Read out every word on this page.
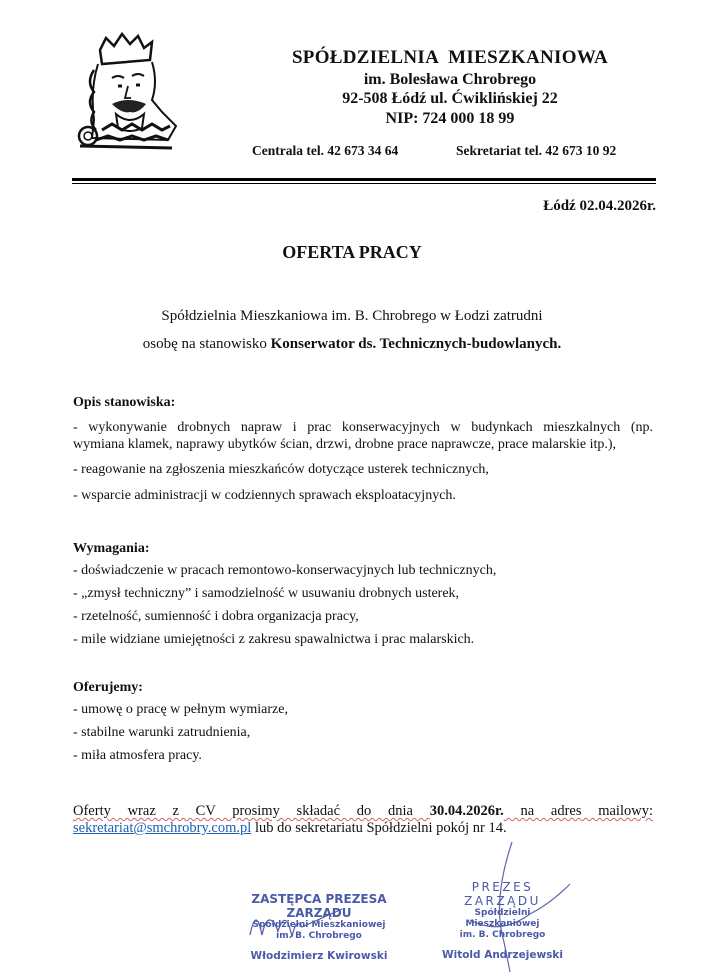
SPÓŁDZIELNIA  MIESZKANIOWA
im. Bolesława Chrobrego
92-508 Łódź ul. Ćwiklińskiej 22
NIP: 724 000 18 99
Centrala tel. 42 673 34 64	Sekretariat tel. 42 673 10 92
Łódź 02.04.2026r.
OFERTA PRACY
Spółdzielnia Mieszkaniowa im. B. Chrobrego w Łodzi zatrudni
osobę na stanowisko Konserwator ds. Technicznych-budowlanych.
Opis stanowiska:

- wykonywanie drobnych napraw i prac konserwacyjnych w budynkach mieszkalnych (np.

wymiana klamek, naprawy ubytków ścian, drzwi, drobne prace naprawcze, prace malarskie itp.),

- reagowanie na zgłoszenia mieszkańców dotyczące usterek technicznych,

- wsparcie administracji w codziennych sprawach eksploatacyjnych.

Wymagania:

- doświadczenie w pracach remontowo-konserwacyjnych lub technicznych,

- „zmysł techniczny” i samodzielność w usuwaniu drobnych usterek,

- rzetelność, sumienność i dobra organizacja pracy,

- mile widziane umiejętności z zakresu spawalnictwa i prac malarskich.

Oferujemy:

- umowę o pracę w pełnym wymiarze,

- stabilne warunki zatrudnienia,

- miła atmosfera pracy.

Oferty wraz z CV prosimy składać do dnia 30.04.2026r. na adres mailowy:
sekretariat@smchrobry.com.pl lub do sekretariatu Spółdzielni pokój nr 14.
ZASTĘPCA PREZESA ZARZĄDU
Spółdzielni Mieszkaniowej
im. B. Chrobrego
Włodzimierz Kwirowski
PREZES ZARZĄDU
Spółdzielni Mieszkaniowej
im. B. Chrobrego
Witold Andrzejewski
